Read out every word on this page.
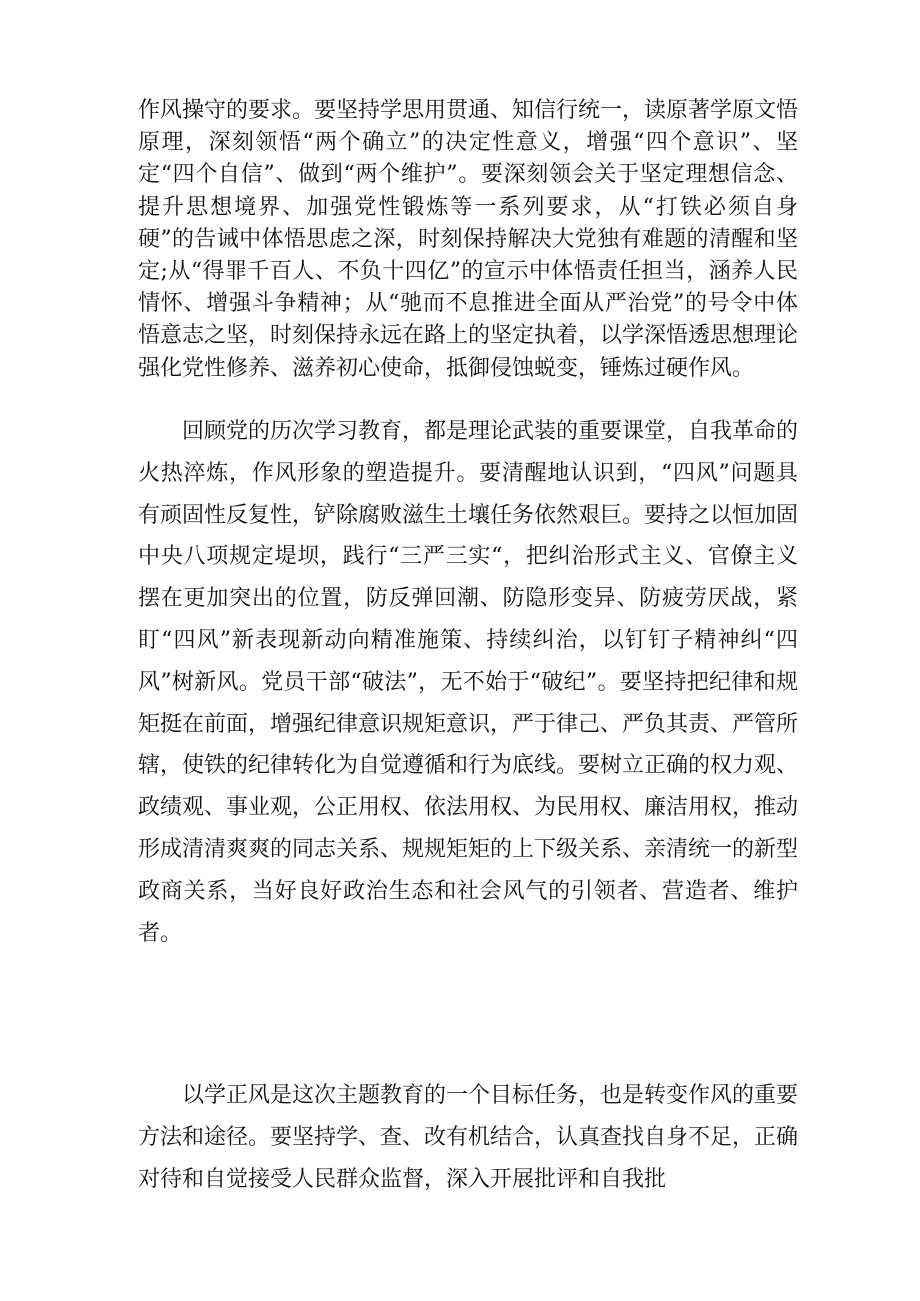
作风操守的要求。要坚持学思用贯通、知信行统一，读原著学原文悟原理，深刻领悟“两个确立”的决定性意义，增强“四个意识”、坚定“四个自信”、做到“两个维护”。要深刻领会关于坚定理想信念、提升思想境界、加强党性锻炼等一系列要求，从“打铁必须自身硬”的告诫中体悟思虑之深，时刻保持解决大党独有难题的清醒和坚定;从“得罪千百人、不负十四亿”的宣示中体悟责任担当，涵养人民情怀、增强斗争精神；从“驰而不息推进全面从严治党”的号令中体悟意志之坚，时刻保持永远在路上的坚定执着，以学深悟透思想理论强化党性修养、滋养初心使命，抵御侵蚀蜕变，锤炼过硬作风。

回顾党的历次学习教育，都是理论武装的重要课堂，自我革命的火热淬炼，作风形象的塑造提升。要清醒地认识到，“四风”问题具有顽固性反复性，铲除腐败滋生土壤任务依然艰巨。要持之以恒加固中央八项规定堤坝，践行“三严三实“，把纠治形式主义、官僚主义摆在更加突出的位置，防反弹回潮、防隐形变异、防疲劳厌战，紧盯“四风”新表现新动向精准施策、持续纠治，以钉钉子精神纠“四风”树新风。党员干部“破法”，无不始于“破纪”。要坚持把纪律和规矩挺在前面，增强纪律意识规矩意识，严于律己、严负其责、严管所辖，使铁的纪律转化为自觉遵循和行为底线。要树立正确的权力观、政绩观、事业观，公正用权、依法用权、为民用权、廉洁用权，推动形成清清爽爽的同志关系、规规矩矩的上下级关系、亲清统一的新型政商关系，当好良好政治生态和社会风气的引领者、营造者、维护者。

以学正风是这次主题教育的一个目标任务，也是转变作风的重要方法和途径。要坚持学、查、改有机结合，认真查找自身不足，正确对待和自觉接受人民群众监督，深入开展批评和自我批
